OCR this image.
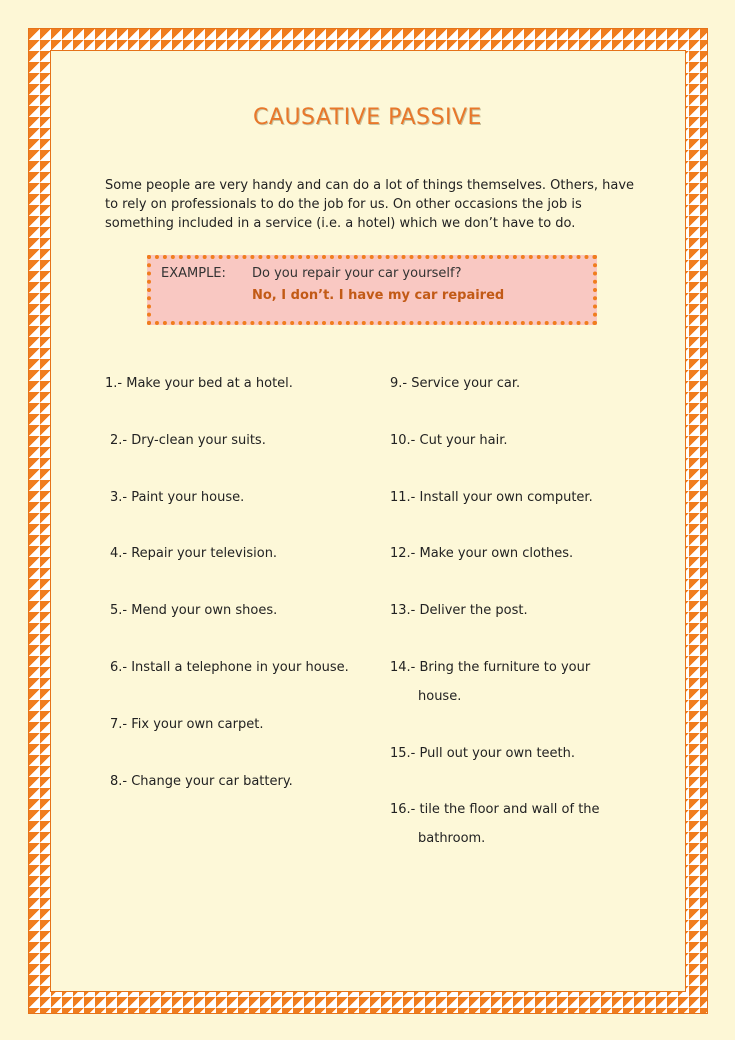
CAUSATIVE PASSIVE
Some people are very handy and can do a lot of things themselves. Others, have to rely on professionals to do the job for us. On other occasions the job is something included in a service (i.e. a hotel) which we don’t have to do.
EXAMPLE: Do you repair your car yourself?
No, I don’t. I have my car repaired
1.- Make your bed at a hotel.
2.- Dry-clean your suits.
3.- Paint your house.
4.- Repair your television.
5.- Mend your own shoes.
6.- Install a telephone in your house.
7.- Fix your own carpet.
8.- Change your car battery.
9.- Service your car.
10.- Cut your hair.
11.- Install your own computer.
12.- Make your own clothes.
13.- Deliver the post.
14.- Bring the furniture to your
house.
15.- Pull out your own teeth.
16.- tile the floor and wall of the
bathroom.
